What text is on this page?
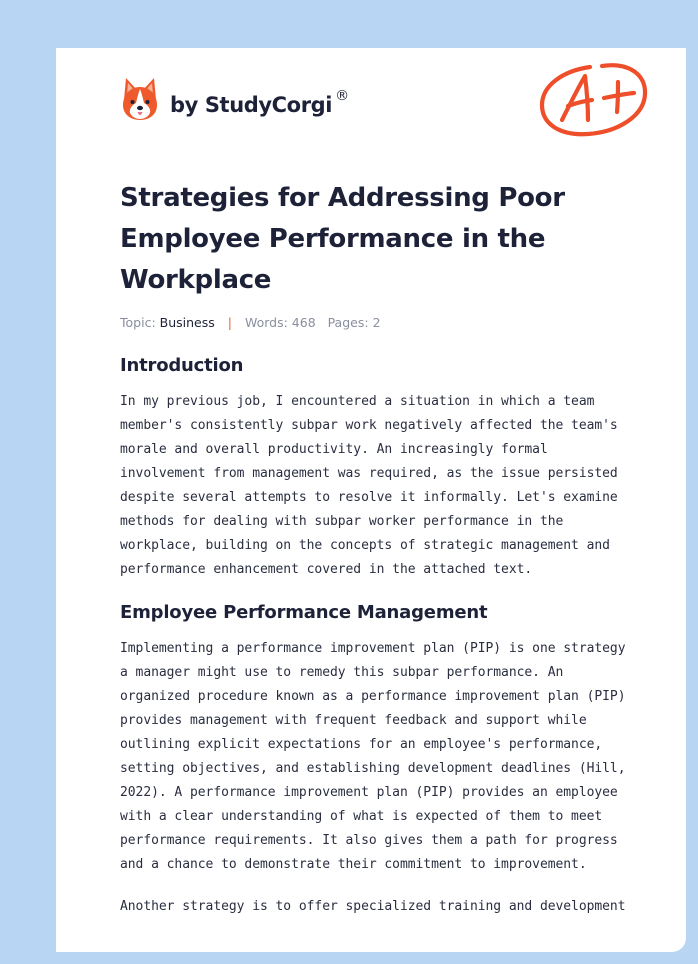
by StudyCorgi ®
Strategies for Addressing Poor Employee Performance in the Workplace
Topic: Business | Words: 468 Pages: 2
Introduction

In my previous job, I encountered a situation in which a team member's consistently subpar work negatively affected the team's morale and overall productivity. An increasingly formal involvement from management was required, as the issue persisted despite several attempts to resolve it informally. Let's examine methods for dealing with subpar worker performance in the workplace, building on the concepts of strategic management and performance enhancement covered in the attached text.

Employee Performance Management

Implementing a performance improvement plan (PIP) is one strategy a manager might use to remedy this subpar performance. An organized procedure known as a performance improvement plan (PIP) provides management with frequent feedback and support while outlining explicit expectations for an employee's performance, setting objectives, and establishing development deadlines (Hill, 2022). A performance improvement plan (PIP) provides an employee with a clear understanding of what is expected of them to meet performance requirements. It also gives them a path for progress and a chance to demonstrate their commitment to improvement.

Another strategy is to offer specialized training and development
